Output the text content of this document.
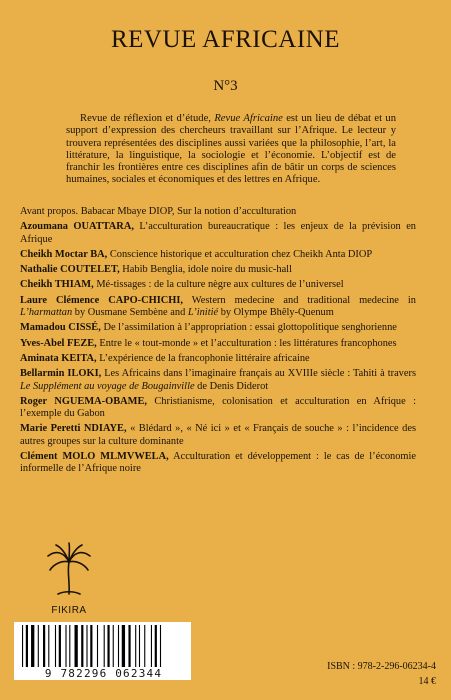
REVUE AFRICAINE
N°3
Revue de réflexion et d’étude, Revue Africaine est un lieu de débat et un support d’expression des chercheurs travaillant sur l’Afrique. Le lecteur y trouvera représentées des disciplines aussi variées que la philosophie, l’art, la littérature, la linguistique, la sociologie et l’économie. L’objectif est de franchir les frontières entre ces disciplines afin de bâtir un corps de sciences humaines, sociales et économiques et des lettres en Afrique.
Avant propos. Babacar Mbaye DIOP, Sur la notion d’acculturation
Azoumana OUATTARA, L’acculturation bureaucratique : les enjeux de la prévision en Afrique
Cheikh Moctar BA, Conscience historique et acculturation chez Cheikh Anta DIOP
Nathalie COUTELET, Habib Benglia, idole noire du music-hall
Cheikh THIAM, Mé-tissages : de la culture nègre aux cultures de l’universel
Laure Clémence CAPO-CHICHI, Western medecine and traditional medecine in L’harmattan by Ousmane Sembène and L’initié by Olympe Bhêly-Quenum
Mamadou CISSÉ, De l’assimilation à l’appropriation : essai glottopolitique senghorienne
Yves-Abel FEZE, Entre le « tout-monde » et l’acculturation : les littératures francophones
Aminata KEITA, L’expérience de la francophonie littéraire africaine
Bellarmin ILOKI, Les Africains dans l’imaginaire français au XVIIIe siècle : Tahiti à travers Le Supplément au voyage de Bougainville de Denis Diderot
Roger NGUEMA-OBAME, Christianisme, colonisation et acculturation en Afrique : l’exemple du Gabon
Marie Peretti NDIAYE, « Blédard », « Né ici » et « Français de souche » : l’incidence des autres groupes sur la culture dominante
Clément MOLO MLMVWELA, Acculturation et développement : le cas de l’économie informelle de l’Afrique noire
FIKIRA
9 782296 062344
ISBN : 978-2-296-06234-4
14 €
